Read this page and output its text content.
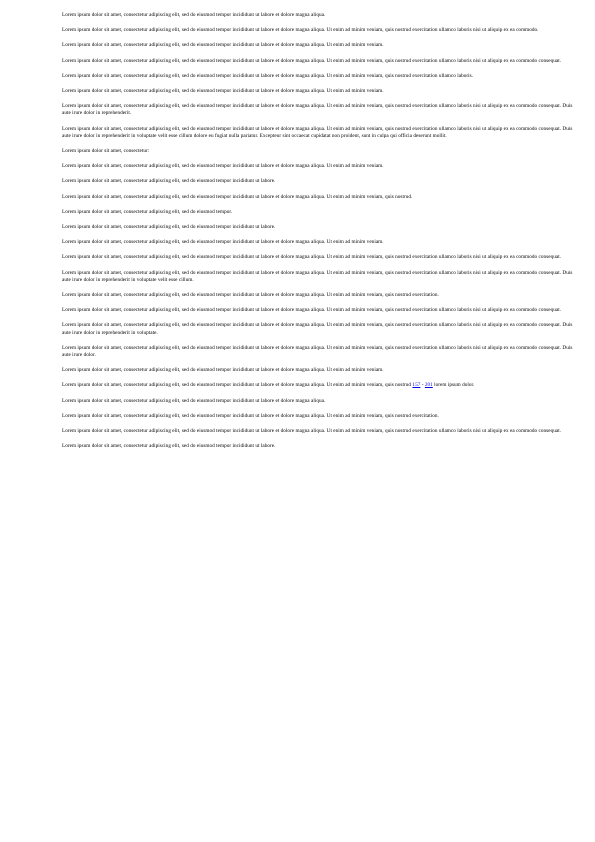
Lorem ipsum dolor sit amet, consectetur adipiscing elit, sed do eiusmod tempor incididunt ut labore et dolore magna aliqua.

Lorem ipsum dolor sit amet, consectetur adipiscing elit, sed do eiusmod tempor incididunt ut labore et dolore magna aliqua. Ut enim ad minim veniam, quis nostrud exercitation ullamco laboris nisi ut aliquip ex ea commodo.

Lorem ipsum dolor sit amet, consectetur adipiscing elit, sed do eiusmod tempor incididunt ut labore et dolore magna aliqua. Ut enim ad minim veniam.

Lorem ipsum dolor sit amet, consectetur adipiscing elit, sed do eiusmod tempor incididunt ut labore et dolore magna aliqua. Ut enim ad minim veniam, quis nostrud exercitation ullamco laboris nisi ut aliquip ex ea commodo consequat.

Lorem ipsum dolor sit amet, consectetur adipiscing elit, sed do eiusmod tempor incididunt ut labore et dolore magna aliqua. Ut enim ad minim veniam, quis nostrud exercitation ullamco laboris.

Lorem ipsum dolor sit amet, consectetur adipiscing elit, sed do eiusmod tempor incididunt ut labore et dolore magna aliqua. Ut enim ad minim veniam.

Lorem ipsum dolor sit amet, consectetur adipiscing elit, sed do eiusmod tempor incididunt ut labore et dolore magna aliqua. Ut enim ad minim veniam, quis nostrud exercitation ullamco laboris nisi ut aliquip ex ea commodo consequat. Duis aute irure dolor in reprehenderit.

Lorem ipsum dolor sit amet, consectetur adipiscing elit, sed do eiusmod tempor incididunt ut labore et dolore magna aliqua. Ut enim ad minim veniam, quis nostrud exercitation ullamco laboris nisi ut aliquip ex ea commodo consequat. Duis aute irure dolor in reprehenderit in voluptate velit esse cillum dolore eu fugiat nulla pariatur. Excepteur sint occaecat cupidatat non proident, sunt in culpa qui officia deserunt mollit.

Lorem ipsum dolor sit amet, consectetur:

Lorem ipsum dolor sit amet, consectetur adipiscing elit, sed do eiusmod tempor incididunt ut labore et dolore magna aliqua. Ut enim ad minim veniam.

Lorem ipsum dolor sit amet, consectetur adipiscing elit, sed do eiusmod tempor incididunt ut labore.

Lorem ipsum dolor sit amet, consectetur adipiscing elit, sed do eiusmod tempor incididunt ut labore et dolore magna aliqua. Ut enim ad minim veniam, quis nostrud.

Lorem ipsum dolor sit amet, consectetur adipiscing elit, sed do eiusmod tempor.

Lorem ipsum dolor sit amet, consectetur adipiscing elit, sed do eiusmod tempor incididunt ut labore.

Lorem ipsum dolor sit amet, consectetur adipiscing elit, sed do eiusmod tempor incididunt ut labore et dolore magna aliqua. Ut enim ad minim veniam.

Lorem ipsum dolor sit amet, consectetur adipiscing elit, sed do eiusmod tempor incididunt ut labore et dolore magna aliqua. Ut enim ad minim veniam, quis nostrud exercitation ullamco laboris nisi ut aliquip ex ea commodo consequat.

Lorem ipsum dolor sit amet, consectetur adipiscing elit, sed do eiusmod tempor incididunt ut labore et dolore magna aliqua. Ut enim ad minim veniam, quis nostrud exercitation ullamco laboris nisi ut aliquip ex ea commodo consequat. Duis aute irure dolor in reprehenderit in voluptate velit esse cillum.

Lorem ipsum dolor sit amet, consectetur adipiscing elit, sed do eiusmod tempor incididunt ut labore et dolore magna aliqua. Ut enim ad minim veniam, quis nostrud exercitation.

Lorem ipsum dolor sit amet, consectetur adipiscing elit, sed do eiusmod tempor incididunt ut labore et dolore magna aliqua. Ut enim ad minim veniam, quis nostrud exercitation ullamco laboris nisi ut aliquip ex ea commodo consequat.

Lorem ipsum dolor sit amet, consectetur adipiscing elit, sed do eiusmod tempor incididunt ut labore et dolore magna aliqua. Ut enim ad minim veniam, quis nostrud exercitation ullamco laboris nisi ut aliquip ex ea commodo consequat. Duis aute irure dolor in reprehenderit in voluptate.

Lorem ipsum dolor sit amet, consectetur adipiscing elit, sed do eiusmod tempor incididunt ut labore et dolore magna aliqua. Ut enim ad minim veniam, quis nostrud exercitation ullamco laboris nisi ut aliquip ex ea commodo consequat. Duis aute irure dolor.

Lorem ipsum dolor sit amet, consectetur adipiscing elit, sed do eiusmod tempor incididunt ut labore et dolore magna aliqua. Ut enim ad minim veniam.

Lorem ipsum dolor sit amet, consectetur adipiscing elit, sed do eiusmod tempor incididunt ut labore et dolore magna aliqua. Ut enim ad minim veniam, quis nostrud 157 - 201 lorem ipsum dolor.

Lorem ipsum dolor sit amet, consectetur adipiscing elit, sed do eiusmod tempor incididunt ut labore et dolore magna aliqua.

Lorem ipsum dolor sit amet, consectetur adipiscing elit, sed do eiusmod tempor incididunt ut labore et dolore magna aliqua. Ut enim ad minim veniam, quis nostrud exercitation.

Lorem ipsum dolor sit amet, consectetur adipiscing elit, sed do eiusmod tempor incididunt ut labore et dolore magna aliqua. Ut enim ad minim veniam, quis nostrud exercitation ullamco laboris nisi ut aliquip ex ea commodo consequat.

Lorem ipsum dolor sit amet, consectetur adipiscing elit, sed do eiusmod tempor incididunt ut labore.
